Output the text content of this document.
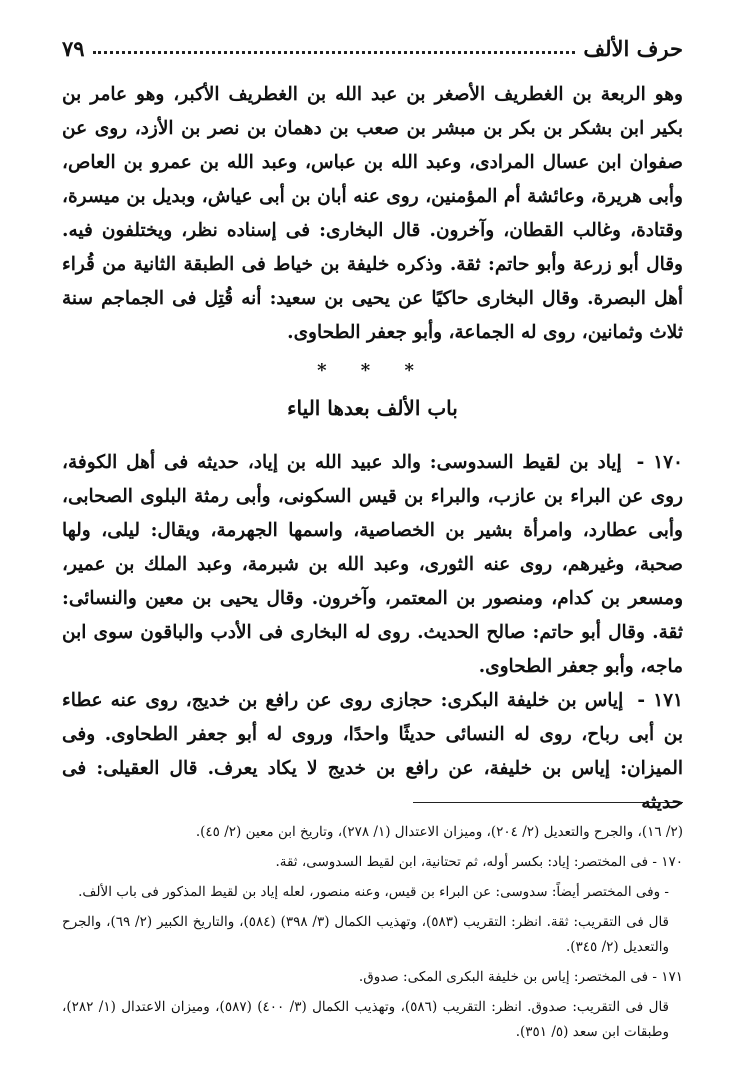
حرف الألف
٧٩

وهو الربعة بن الغطريف الأصغر بن عبد الله بن الغطريف الأكبر، وهو عامر بن بكير ابن بشكر بن بكر بن مبشر بن صعب بن دهمان بن نصر بن الأزد، روى عن صفوان ابن عسال المرادى، وعبد الله بن عباس، وعبد الله بن عمرو بن العاص، وأبى هريرة، وعائشة أم المؤمنين، روى عنه أبان بن أبى عياش، وبديل بن ميسرة، وقتادة، وغالب القطان، وآخرون. قال البخارى: فى إسناده نظر، ويختلفون فيه. وقال أبو زرعة وأبو حاتم: ثقة. وذكره خليفة بن خياط فى الطبقة الثانية من قُراء أهل البصرة. وقال البخارى حاكيًا عن يحيى بن سعيد: أنه قُتِل فى الجماجم سنة ثلاث وثمانين، روى له الجماعة، وأبو جعفر الطحاوى.

* * *
باب الألف بعدها الياء

١٧٠ - إياد بن لقيط السدوسى: والد عبيد الله بن إياد، حديثه فى أهل الكوفة، روى عن البراء بن عازب، والبراء بن قيس السكونى، وأبى رمثة البلوى الصحابى، وأبى عطارد، وامرأة بشير بن الخصاصية، واسمها الجهرمة، ويقال: ليلى، ولها صحبة، وغيرهم، روى عنه الثورى، وعبد الله بن شبرمة، وعبد الملك بن عمير، ومسعر بن كدام، ومنصور بن المعتمر، وآخرون. وقال يحيى بن معين والنسائى: ثقة. وقال أبو حاتم: صالح الحديث. روى له البخارى فى الأدب والباقون سوى ابن ماجه، وأبو جعفر الطحاوى.

١٧١ - إياس بن خليفة البكرى: حجازى روى عن رافع بن خديج، روى عنه عطاء بن أبى رباح، روى له النسائى حديثًا واحدًا، وروى له أبو جعفر الطحاوى. وفى الميزان: إياس بن خليفة، عن رافع بن خديج لا يكاد يعرف. قال العقيلى: فى حديثه

(٢/ ١٦)، والجرح والتعديل (٢/ ٢٠٤)، وميزان الاعتدال (١/ ٢٧٨)، وتاريخ ابن معين (٢/ ٤٥).

١٧٠ - فى المختصر: إياد: بكسر أوله، ثم تحتانية، ابن لقيط السدوسى، ثقة.

- وفى المختصر أيضاً: سدوسى: عن البراء بن قيس، وعنه منصور، لعله إياد بن لقيط المذكور فى باب الألف.

قال فى التقريب: ثقة. انظر: التقريب (٥٨٣)، وتهذيب الكمال (٣/ ٣٩٨) (٥٨٤)، والتاريخ الكبير (٢/ ٦٩)، والجرح والتعديل (٢/ ٣٤٥).

١٧١ - فى المختصر: إياس بن خليفة البكرى المكى: صدوق.

قال فى التقريب: صدوق. انظر: التقريب (٥٨٦)، وتهذيب الكمال (٣/ ٤٠٠) (٥٨٧)، وميزان الاعتدال (١/ ٢٨٢)، وطبقات ابن سعد (٥/ ٣٥١).
